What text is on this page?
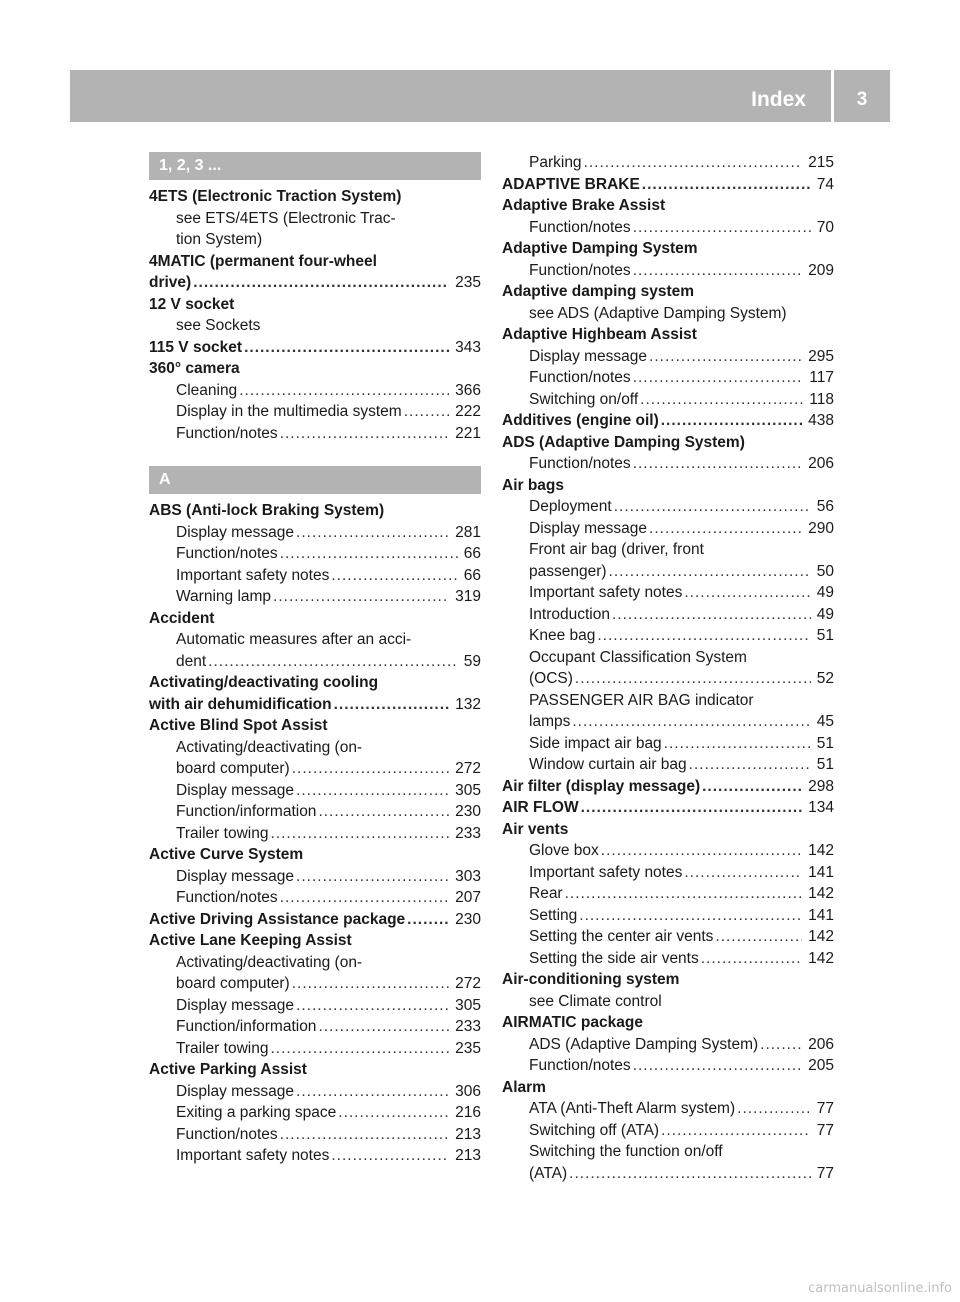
Index	3
1, 2, 3 ...
4ETS (Electronic Traction System)
see ETS/4ETS (Electronic Trac-
tion System)
4MATIC (permanent four-wheel
drive) .....	235
12 V socket
see Sockets
115 V socket .....	343
360° camera
Cleaning .....	366
Display in the multimedia system .....	222
Function/notes .....	221
A
ABS (Anti-lock Braking System)
Display message .....	281
Function/notes .....	66
Important safety notes .....	66
Warning lamp .....	319
Accident
Automatic measures after an acci-
dent .....	59
Activating/deactivating cooling
with air dehumidification .....	132
Active Blind Spot Assist
Activating/deactivating (on-
board computer) .....	272
Display message .....	305
Function/information .....	230
Trailer towing .....	233
Active Curve System
Display message .....	303
Function/notes .....	207
Active Driving Assistance package .....	230
Active Lane Keeping Assist
Activating/deactivating (on-
board computer) .....	272
Display message .....	305
Function/information .....	233
Trailer towing .....	235
Active Parking Assist
Display message .....	306
Exiting a parking space .....	216
Function/notes .....	213
Important safety notes .....	213
Parking .....	215
ADAPTIVE BRAKE .....	74
Adaptive Brake Assist
Function/notes .....	70
Adaptive Damping System
Function/notes .....	209
Adaptive damping system
see ADS (Adaptive Damping System)
Adaptive Highbeam Assist
Display message .....	295
Function/notes .....	117
Switching on/off .....	118
Additives (engine oil) .....	438
ADS (Adaptive Damping System)
Function/notes .....	206
Air bags
Deployment .....	56
Display message .....	290
Front air bag (driver, front
passenger) .....	50
Important safety notes .....	49
Introduction .....	49
Knee bag .....	51
Occupant Classification System
(OCS) .....	52
PASSENGER AIR BAG indicator
lamps .....	45
Side impact air bag .....	51
Window curtain air bag .....	51
Air filter (display message) .....	298
AIR FLOW .....	134
Air vents
Glove box .....	142
Important safety notes .....	141
Rear .....	142
Setting .....	141
Setting the center air vents .....	142
Setting the side air vents .....	142
Air-conditioning system
see Climate control
AIRMATIC package
ADS (Adaptive Damping System) .....	206
Function/notes .....	205
Alarm
ATA (Anti-Theft Alarm system) .....	77
Switching off (ATA) .....	77
Switching the function on/off
(ATA) .....	77
carmanualsonline.info
